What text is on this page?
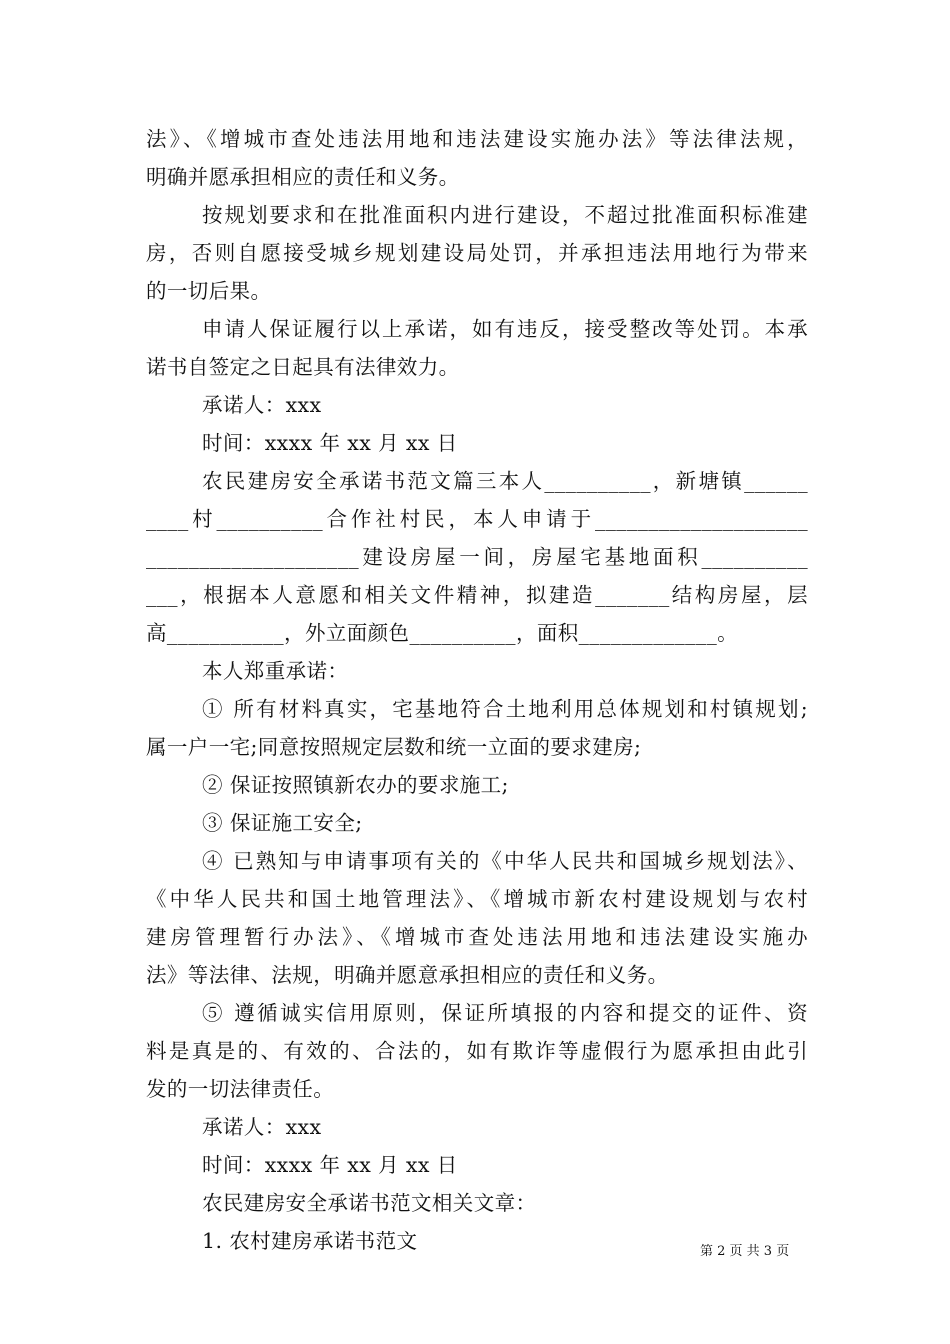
法》、《增城市查处违法用地和违法建设实施办法》等法律法规，
明确并愿承担相应的责任和义务。
按规划要求和在批准面积内进行建设，不超过批准面积标准建
房，否则自愿接受城乡规划建设局处罚，并承担违法用地行为带来
的一切后果。
申请人保证履行以上承诺，如有违反，接受整改等处罚。本承
诺书自签定之日起具有法律效力。
承诺人：xxx
时间：xxxx 年 xx 月 xx 日
农民建房安全承诺书范文篇三本人__________，新塘镇______
____村__________合作社村民，本人申请于____________________
____________________建设房屋一间，房屋宅基地面积__________
___，根据本人意愿和相关文件精神，拟建造_______结构房屋，层
高___________，外立面颜色__________，面积_____________。
本人郑重承诺：
① 所有材料真实，宅基地符合土地利用总体规划和村镇规划;
属一户一宅;同意按照规定层数和统一立面的要求建房;
② 保证按照镇新农办的要求施工;
③ 保证施工安全;
④ 已熟知与申请事项有关的《中华人民共和国城乡规划法》、
《中华人民共和国土地管理法》、《增城市新农村建设规划与农村
建房管理暂行办法》、《增城市查处违法用地和违法建设实施办
法》等法律、法规，明确并愿意承担相应的责任和义务。
⑤ 遵循诚实信用原则，保证所填报的内容和提交的证件、资
料是真是的、有效的、合法的，如有欺诈等虚假行为愿承担由此引
发的一切法律责任。
承诺人：xxx
时间：xxxx 年 xx 月 xx 日
农民建房安全承诺书范文相关文章：
1. 农村建房承诺书范文	第 2 页 共 3 页
